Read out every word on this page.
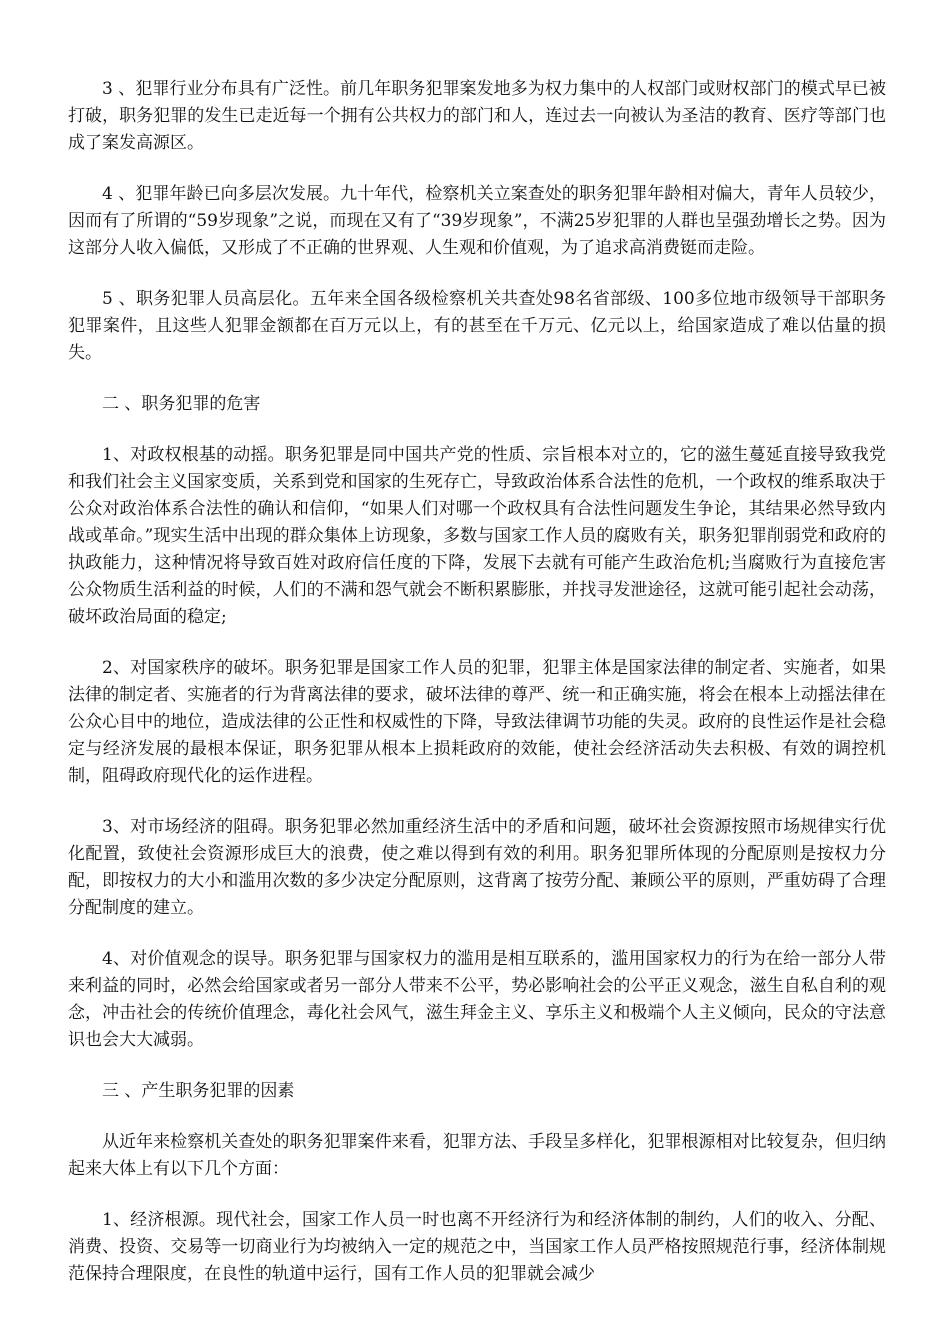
3 、犯罪行业分布具有广泛性。前几年职务犯罪案发地多为权力集中的人权部门或财权部门的模式早已被打破，职务犯罪的发生已走近每一个拥有公共权力的部门和人，连过去一向被认为圣洁的教育、医疗等部门也成了案发高源区。

4 、犯罪年龄已向多层次发展。九十年代，检察机关立案查处的职务犯罪年龄相对偏大，青年人员较少，因而有了所谓的“59岁现象”之说，而现在又有了“39岁现象”，不满25岁犯罪的人群也呈强劲增长之势。因为这部分人收入偏低，又形成了不正确的世界观、人生观和价值观，为了追求高消费铤而走险。

5 、职务犯罪人员高层化。五年来全国各级检察机关共查处98名省部级、100多位地市级领导干部职务犯罪案件，且这些人犯罪金额都在百万元以上，有的甚至在千万元、亿元以上，给国家造成了难以估量的损失。

二 、职务犯罪的危害

1、对政权根基的动摇。职务犯罪是同中国共产党的性质、宗旨根本对立的，它的滋生蔓延直接导致我党和我们社会主义国家变质，关系到党和国家的生死存亡，导致政治体系合法性的危机，一个政权的维系取决于公众对政治体系合法性的确认和信仰，“如果人们对哪一个政权具有合法性问题发生争论，其结果必然导致内战或革命。”现实生活中出现的群众集体上访现象，多数与国家工作人员的腐败有关，职务犯罪削弱党和政府的执政能力，这种情况将导致百姓对政府信任度的下降，发展下去就有可能产生政治危机;当腐败行为直接危害公众物质生活利益的时候，人们的不满和怨气就会不断积累膨胀，并找寻发泄途径，这就可能引起社会动荡，破坏政治局面的稳定;

2、对国家秩序的破坏。职务犯罪是国家工作人员的犯罪，犯罪主体是国家法律的制定者、实施者，如果法律的制定者、实施者的行为背离法律的要求，破坏法律的尊严、统一和正确实施，将会在根本上动摇法律在公众心目中的地位，造成法律的公正性和权威性的下降，导致法律调节功能的失灵。政府的良性运作是社会稳定与经济发展的最根本保证，职务犯罪从根本上损耗政府的效能，使社会经济活动失去积极、有效的调控机制，阻碍政府现代化的运作进程。

3、对市场经济的阻碍。职务犯罪必然加重经济生活中的矛盾和问题，破坏社会资源按照市场规律实行优化配置，致使社会资源形成巨大的浪费，使之难以得到有效的利用。职务犯罪所体现的分配原则是按权力分配，即按权力的大小和滥用次数的多少决定分配原则，这背离了按劳分配、兼顾公平的原则，严重妨碍了合理分配制度的建立。

4、对价值观念的误导。职务犯罪与国家权力的滥用是相互联系的，滥用国家权力的行为在给一部分人带来利益的同时，必然会给国家或者另一部分人带来不公平，势必影响社会的公平正义观念，滋生自私自利的观念，冲击社会的传统价值理念，毒化社会风气，滋生拜金主义、享乐主义和极端个人主义倾向，民众的守法意识也会大大减弱。

三 、产生职务犯罪的因素

从近年来检察机关查处的职务犯罪案件来看，犯罪方法、手段呈多样化，犯罪根源相对比较复杂，但归纳起来大体上有以下几个方面：

1、经济根源。现代社会，国家工作人员一时也离不开经济行为和经济体制的制约，人们的收入、分配、消费、投资、交易等一切商业行为均被纳入一定的规范之中，当国家工作人员严格按照规范行事，经济体制规范保持合理限度，在良性的轨道中运行，国有工作人员的犯罪就会减少
